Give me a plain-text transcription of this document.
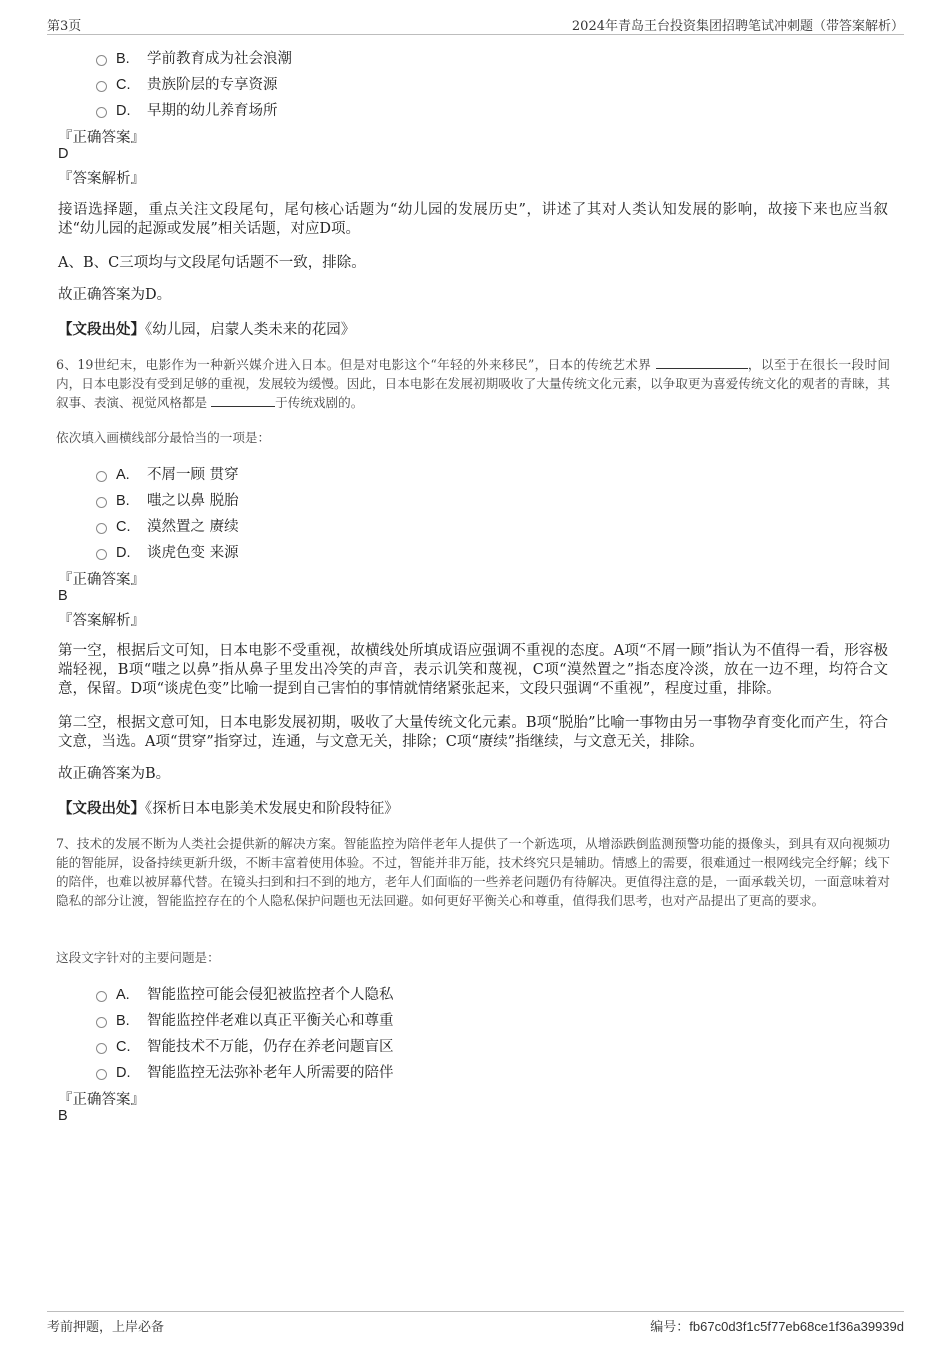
第3页	2024年青岛王台投资集团招聘笔试冲刺题（带答案解析）
B. 学前教育成为社会浪潮
C. 贵族阶层的专享资源
D. 早期的幼儿养育场所
『正确答案』
D
『答案解析』
接语选择题，重点关注文段尾句，尾句核心话题为“幼儿园的发展历史”，讲述了其对人类认知发展的影响，故接下来也应当叙述“幼儿园的起源或发展”相关话题，对应D项。
A、B、C三项均与文段尾句话题不一致，排除。
故正确答案为D。
【文段出处】《幼儿园，启蒙人类未来的花园》
6、19世纪末，电影作为一种新兴媒介进入日本。但是对电影这个“年轻的外来移民”，日本的传统艺术界	，以至于在很长一段时间内，日本电影没有受到足够的重视，发展较为缓慢。因此，日本电影在发展初期吸收了大量传统文化元素，以争取更为喜爱传统文化的观者的青睐，其叙事、表演、视觉风格都是	于传统戏剧的。
依次填入画横线部分最恰当的一项是：
A. 不屑一顾 贯穿
B. 嗤之以鼻 脱胎
C. 漠然置之 赓续
D. 谈虎色变 来源
『正确答案』
B
『答案解析』
第一空，根据后文可知，日本电影不受重视，故横线处所填成语应强调不重视的态度。A项“不屑一顾”指认为不值得一看，形容极端轻视，B项“嗤之以鼻”指从鼻子里发出冷笑的声音，表示讥笑和蔑视，C项“漠然置之”指态度冷淡，放在一边不理，均符合文意，保留。D项“谈虎色变”比喻一提到自己害怕的事情就情绪紧张起来，文段只强调“不重视”，程度过重，排除。
第二空，根据文意可知，日本电影发展初期，吸收了大量传统文化元素。B项“脱胎”比喻一事物由另一事物孕育变化而产生，符合文意，当选。A项“贯穿”指穿过，连通，与文意无关，排除；C项“赓续”指继续，与文意无关，排除。
故正确答案为B。
【文段出处】《探析日本电影美术发展史和阶段特征》
7、技术的发展不断为人类社会提供新的解决方案。智能监控为陪伴老年人提供了一个新选项，从增添跌倒监测预警功能的摄像头，到具有双向视频功能的智能屏，设备持续更新升级，不断丰富着使用体验。不过，智能并非万能，技术终究只是辅助。情感上的需要，很难通过一根网线完全纾解；线下的陪伴，也难以被屏幕代替。在镜头扫到和扫不到的地方，老年人们面临的一些养老问题仍有待解决。更值得注意的是，一面承载关切，一面意味着对隐私的部分让渡，智能监控存在的个人隐私保护问题也无法回避。如何更好平衡关心和尊重，值得我们思考，也对产品提出了更高的要求。
这段文字针对的主要问题是：
A. 智能监控可能会侵犯被监控者个人隐私
B. 智能监控伴老难以真正平衡关心和尊重
C. 智能技术不万能，仍存在养老问题盲区
D. 智能监控无法弥补老年人所需要的陪伴
『正确答案』
B
考前押题，上岸必备	编号：fb67c0d3f1c5f77eb68ce1f36a39939d
